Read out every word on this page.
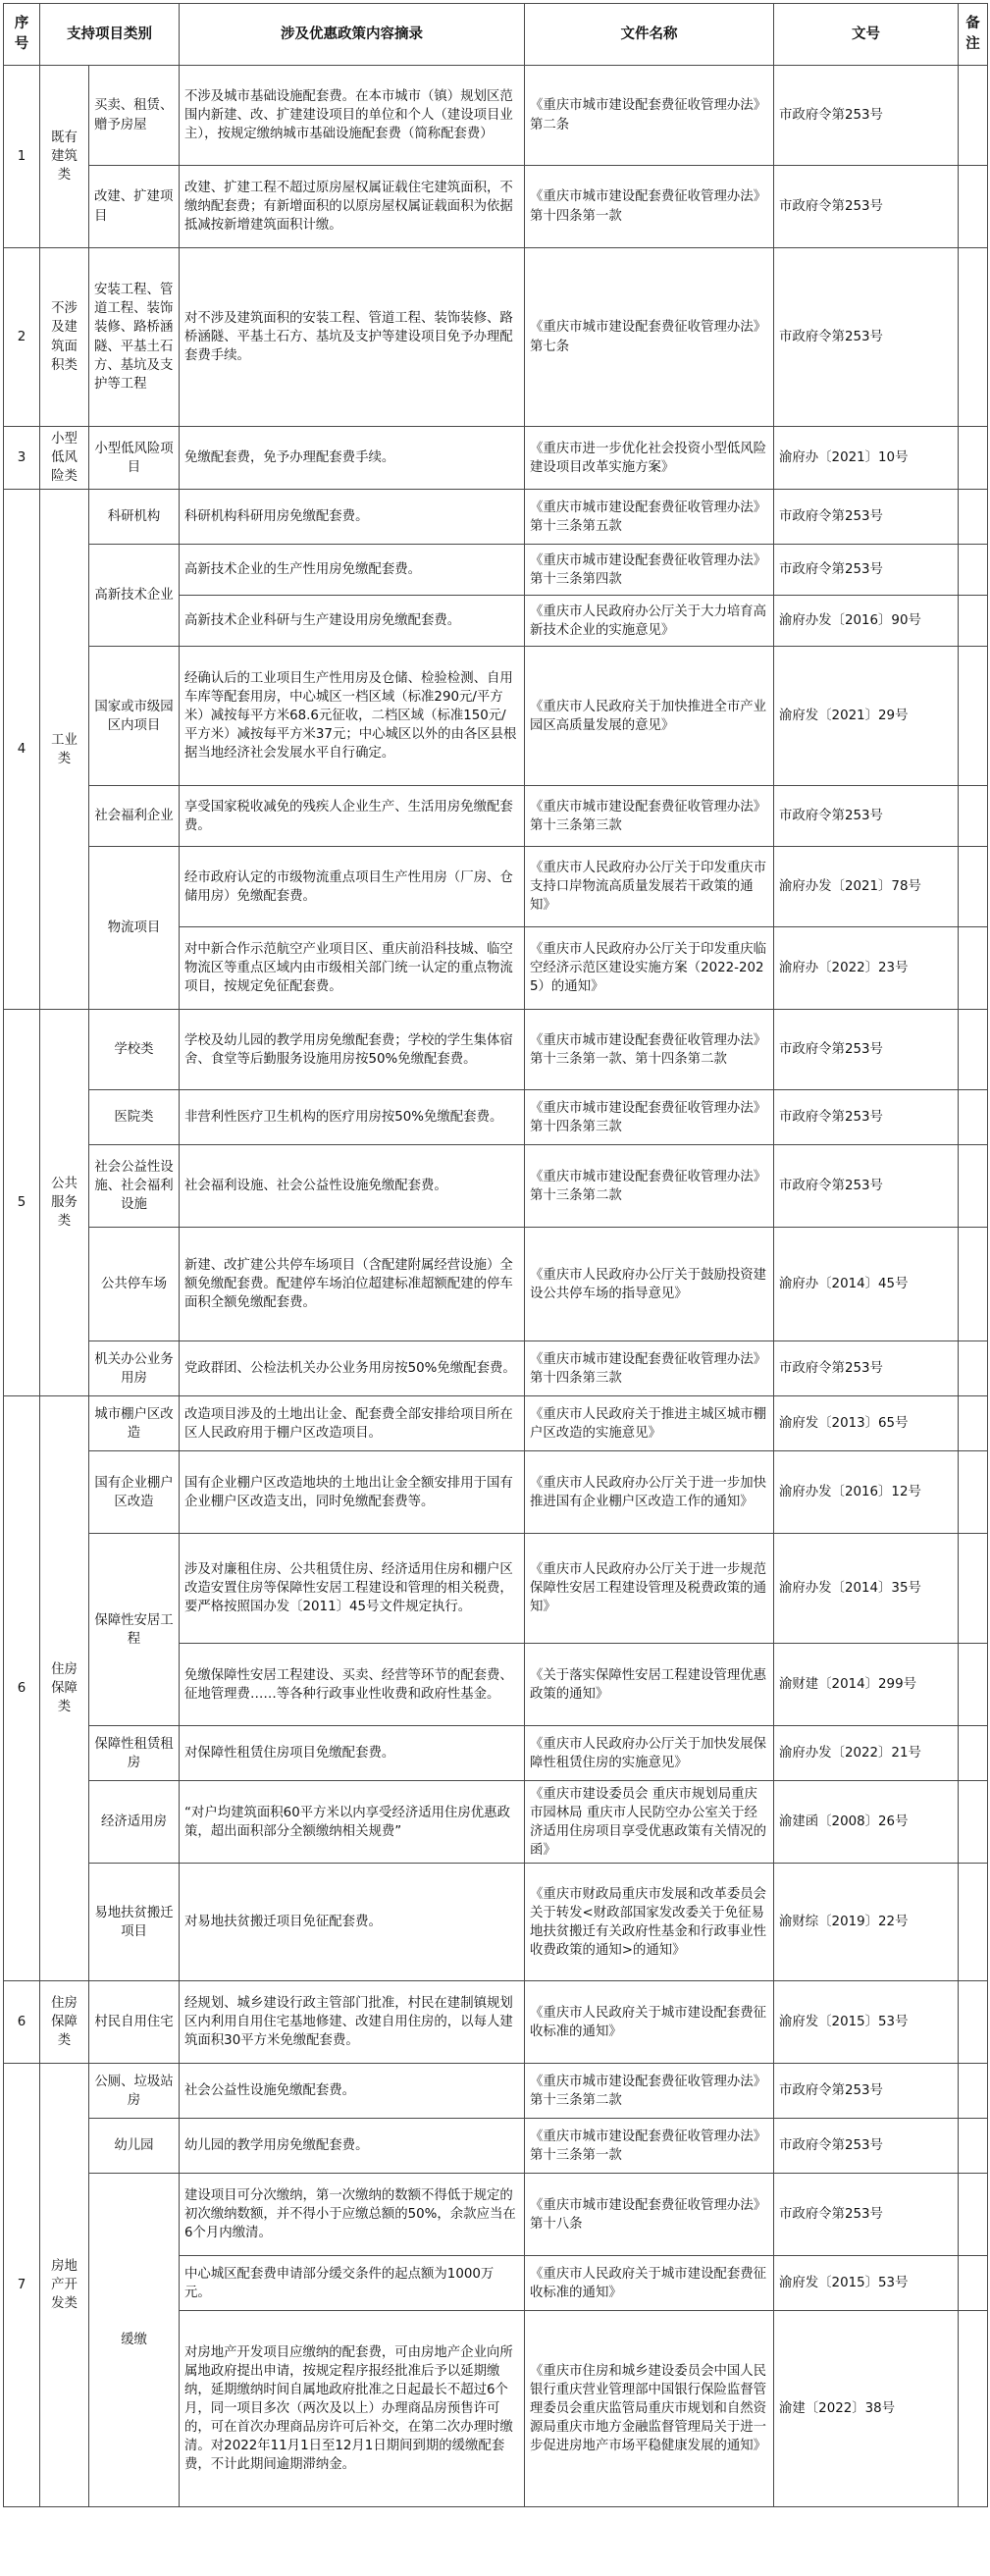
序号	支持项目类别		涉及优惠政策内容摘录	文件名称	文号	备注
1	既有建筑类	买卖、租赁、赠予房屋	不涉及城市基础设施配套费。在本市城市（镇）规划区范围内新建、改、扩建建设项目的单位和个人（建设项目业主），按规定缴纳城市基础设施配套费（简称配套费）	《重庆市城市建设配套费征收管理办法》第二条	市政府令第253号	
		改建、扩建项目	改建、扩建工程不超过原房屋权属证载住宅建筑面积，不缴纳配套费；有新增面积的以原房屋权属证载面积为依据抵减按新增建筑面积计缴。	《重庆市城市建设配套费征收管理办法》第十四条第一款	市政府令第253号	
2	不涉及建筑面积类	安装工程、管道工程、装饰装修、路桥涵隧、平基土石方、基坑及支护等工程	对不涉及建筑面积的安装工程、管道工程、装饰装修、路桥涵隧、平基土石方、基坑及支护等建设项目免予办理配套费手续。	《重庆市城市建设配套费征收管理办法》第七条	市政府令第253号	
3	小型低风险类	小型低风险项目	免缴配套费，免予办理配套费手续。	《重庆市进一步优化社会投资小型低风险建设项目改革实施方案》	渝府办〔2021〕10号	
4	工业类	科研机构	科研机构科研用房免缴配套费。	《重庆市城市建设配套费征收管理办法》第十三条第五款	市政府令第253号	
		高新技术企业	高新技术企业的生产性用房免缴配套费。	《重庆市城市建设配套费征收管理办法》第十三条第四款	市政府令第253号	
			高新技术企业科研与生产建设用房免缴配套费。	《重庆市人民政府办公厅关于大力培育高新技术企业的实施意见》	渝府办发〔2016〕90号	
		国家或市级园区内项目	经确认后的工业项目生产性用房及仓储、检验检测、自用车库等配套用房，中心城区一档区域（标准290元/平方米）减按每平方米68.6元征收，二档区域（标准150元/平方米）减按每平方米37元；中心城区以外的由各区县根据当地经济社会发展水平自行确定。	《重庆市人民政府关于加快推进全市产业园区高质量发展的意见》	渝府发〔2021〕29号	
		社会福利企业	享受国家税收减免的残疾人企业生产、生活用房免缴配套费。	《重庆市城市建设配套费征收管理办法》第十三条第三款	市政府令第253号	
		物流项目	经市政府认定的市级物流重点项目生产性用房（厂房、仓储用房）免缴配套费。	《重庆市人民政府办公厅关于印发重庆市支持口岸物流高质量发展若干政策的通知》	渝府办发〔2021〕78号	
			对中新合作示范航空产业项目区、重庆前沿科技城、临空物流区等重点区域内由市级相关部门统一认定的重点物流项目，按规定免征配套费。	《重庆市人民政府办公厅关于印发重庆临空经济示范区建设实施方案（2022-2025）的通知》	渝府办〔2022〕23号	
5	公共服务类	学校类	学校及幼儿园的教学用房免缴配套费；学校的学生集体宿舍、食堂等后勤服务设施用房按50%免缴配套费。	《重庆市城市建设配套费征收管理办法》第十三条第一款、第十四条第二款	市政府令第253号	
		医院类	非营利性医疗卫生机构的医疗用房按50%免缴配套费。	《重庆市城市建设配套费征收管理办法》第十四条第三款	市政府令第253号	
		社会公益性设施、社会福利设施	社会福利设施、社会公益性设施免缴配套费。	《重庆市城市建设配套费征收管理办法》第十三条第二款	市政府令第253号	
		公共停车场	新建、改扩建公共停车场项目（含配建附属经营设施）全额免缴配套费。配建停车场泊位超建标准超额配建的停车面积全额免缴配套费。	《重庆市人民政府办公厅关于鼓励投资建设公共停车场的指导意见》	渝府办〔2014〕45号	
		机关办公业务用房	党政群团、公检法机关办公业务用房按50%免缴配套费。	《重庆市城市建设配套费征收管理办法》第十四条第三款	市政府令第253号	
6	住房保障类	城市棚户区改造	改造项目涉及的土地出让金、配套费全部安排给项目所在区人民政府用于棚户区改造项目。	《重庆市人民政府关于推进主城区城市棚户区改造的实施意见》	渝府发〔2013〕65号	
		国有企业棚户区改造	国有企业棚户区改造地块的土地出让金全额安排用于国有企业棚户区改造支出，同时免缴配套费等。	《重庆市人民政府办公厅关于进一步加快推进国有企业棚户区改造工作的通知》	渝府办发〔2016〕12号	
		保障性安居工程	涉及对廉租住房、公共租赁住房、经济适用住房和棚户区改造安置住房等保障性安居工程建设和管理的相关税费，要严格按照国办发〔2011〕45号文件规定执行。	《重庆市人民政府办公厅关于进一步规范保障性安居工程建设管理及税费政策的通知》	渝府办发〔2014〕35号	
			免缴保障性安居工程建设、买卖、经营等环节的配套费、征地管理费……等各种行政事业性收费和政府性基金。	《关于落实保障性安居工程建设管理优惠政策的通知》	渝财建〔2014〕299号	
		保障性租赁租房	对保障性租赁住房项目免缴配套费。	《重庆市人民政府办公厅关于加快发展保障性租赁住房的实施意见》	渝府办发〔2022〕21号	
		经济适用房	“对户均建筑面积60平方米以内享受经济适用住房优惠政策，超出面积部分全额缴纳相关规费”	《重庆市建设委员会 重庆市规划局重庆市园林局 重庆市人民防空办公室关于经济适用住房项目享受优惠政策有关情况的函》	渝建函〔2008〕26号	
		易地扶贫搬迁项目	对易地扶贫搬迁项目免征配套费。	《重庆市财政局重庆市发展和改革委员会关于转发<财政部国家发改委关于免征易地扶贫搬迁有关政府性基金和行政事业性收费政策的通知>的通知》	渝财综〔2019〕22号	
6	住房保障类	村民自用住宅	经规划、城乡建设行政主管部门批准，村民在建制镇规划区内利用自用住宅基地修建、改建自用住房的，以每人建筑面积30平方米免缴配套费。	《重庆市人民政府关于城市建设配套费征收标准的通知》	渝府发〔2015〕53号	
7	房地产开发类	公厕、垃圾站房	社会公益性设施免缴配套费。	《重庆市城市建设配套费征收管理办法》第十三条第二款	市政府令第253号	
		幼儿园	幼儿园的教学用房免缴配套费。	《重庆市城市建设配套费征收管理办法》第十三条第一款	市政府令第253号	
		缓缴	建设项目可分次缴纳，第一次缴纳的数额不得低于规定的初次缴纳数额，并不得小于应缴总额的50%，余款应当在6个月内缴清。	《重庆市城市建设配套费征收管理办法》第十八条	市政府令第253号	
			中心城区配套费申请部分缓交条件的起点额为1000万元。	《重庆市人民政府关于城市建设配套费征收标准的通知》	渝府发〔2015〕53号	
			对房地产开发项目应缴纳的配套费，可由房地产企业向所属地政府提出申请，按规定程序报经批准后予以延期缴纳，延期缴纳时间自属地政府批准之日起最长不超过6个月，同一项目多次（两次及以上）办理商品房预售许可的，可在首次办理商品房许可后补交，在第二次办理时缴清。对2022年11月1日至12月1日期间到期的缓缴配套费，不计此期间逾期滞纳金。	《重庆市住房和城乡建设委员会中国人民银行重庆营业管理部中国银行保险监督管理委员会重庆监管局重庆市规划和自然资源局重庆市地方金融监督管理局关于进一步促进房地产市场平稳健康发展的通知》	渝建〔2022〕38号	
